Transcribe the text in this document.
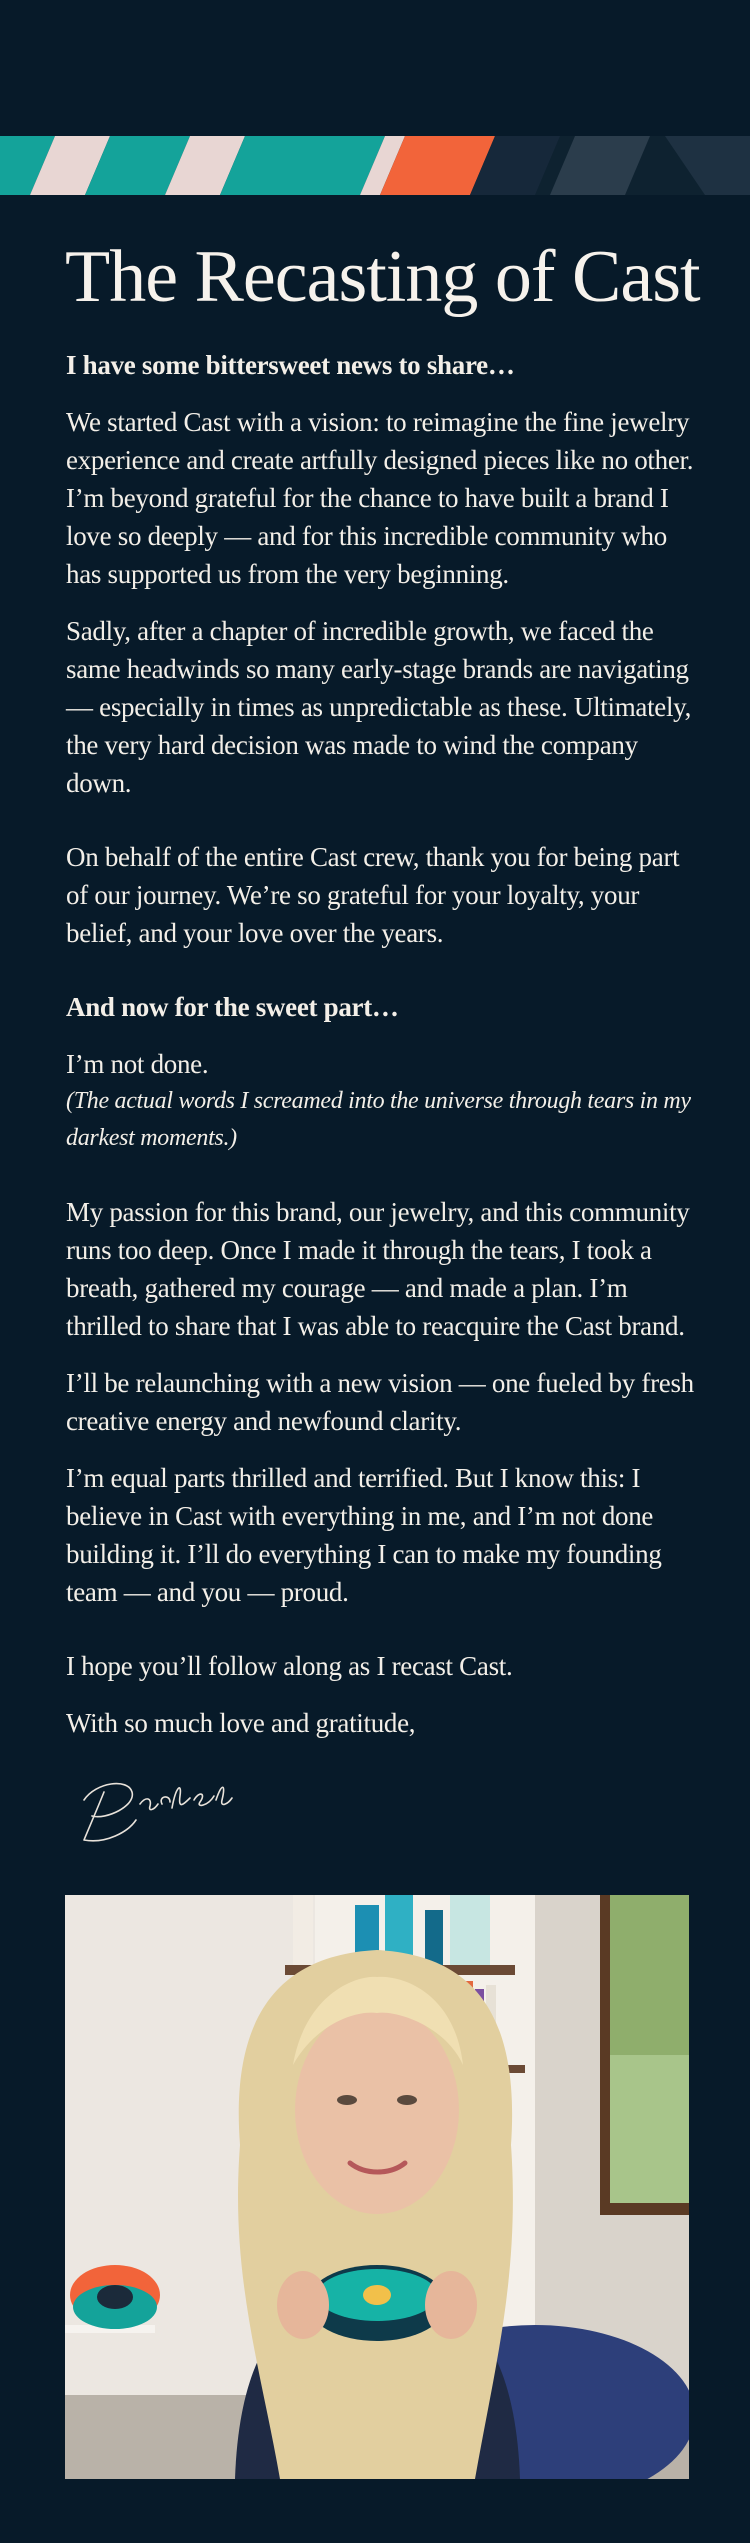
The Recasting of Cast

I have some bittersweet news to share…

We started Cast with a vision: to reimagine the fine jewelry experience and create artfully designed pieces like no other. I’m beyond grateful for the chance to have built a brand I love so deeply — and for this incredible community who has supported us from the very beginning.

Sadly, after a chapter of incredible growth, we faced the same headwinds so many early-stage brands are navigating — especially in times as unpredictable as these. Ultimately, the very hard decision was made to wind the company down.

On behalf of the entire Cast crew, thank you for being part of our journey. We’re so grateful for your loyalty, your belief, and your love over the years.

And now for the sweet part…

I’m not done.

(The actual words I screamed into the universe through tears in my darkest moments.)

My passion for this brand, our jewelry, and this community runs too deep. Once I made it through the tears, I took a breath, gathered my courage — and made a plan. I’m thrilled to share that I was able to reacquire the Cast brand.

I’ll be relaunching with a new vision — one fueled by fresh creative energy and newfound clarity.

I’m equal parts thrilled and terrified. But I know this: I believe in Cast with everything in me, and I’m not done building it. I’ll do everything I can to make my founding team — and you — proud.

I hope you’ll follow along as I recast Cast.

With so much love and gratitude,
